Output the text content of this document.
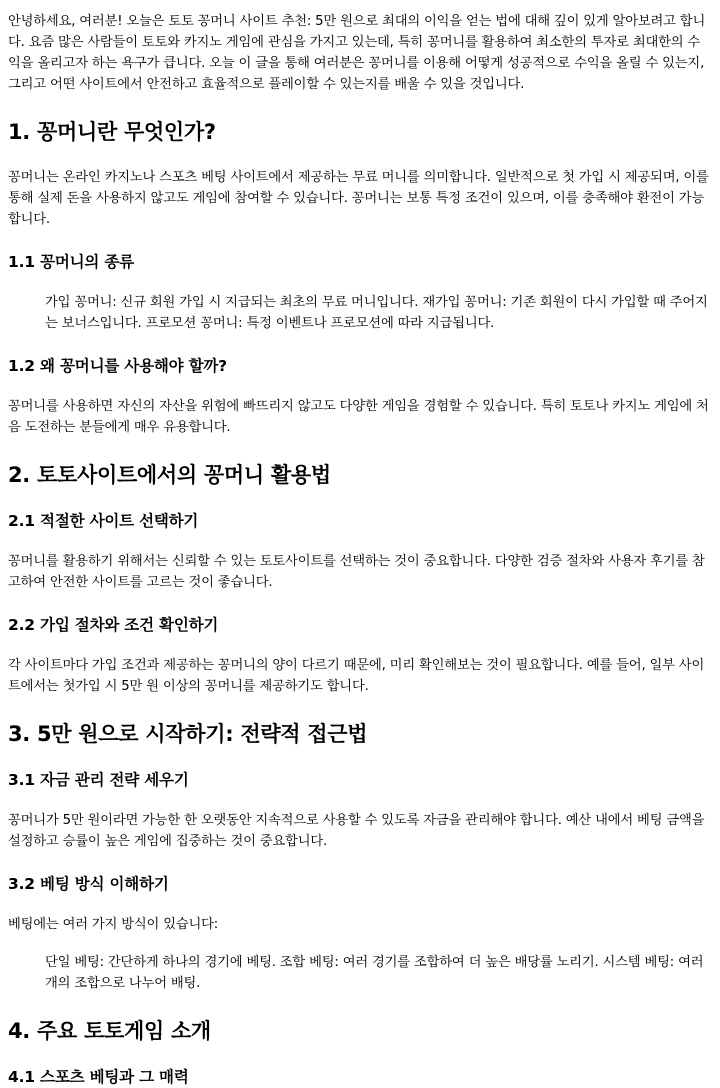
안녕하세요, 여러분! 오늘은 토토 꽁머니 사이트 추천: 5만 원으로 최대의 이익을 얻는 법에 대해 깊이 있게 알아보려고 합니다. 요즘 많은 사람들이 토토와 카지노 게임에 관심을 가지고 있는데, 특히 꽁머니를 활용하여 최소한의 투자로 최대한의 수익을 올리고자 하는 욕구가 큽니다. 오늘 이 글을 통해 여러분은 꽁머니를 이용해 어떻게 성공적으로 수익을 올릴 수 있는지, 그리고 어떤 사이트에서 안전하고 효율적으로 플레이할 수 있는지를 배울 수 있을 것입니다.

1. 꽁머니란 무엇인가?

꽁머니는 온라인 카지노나 스포츠 베팅 사이트에서 제공하는 무료 머니를 의미합니다. 일반적으로 첫 가입 시 제공되며, 이를 통해 실제 돈을 사용하지 않고도 게임에 참여할 수 있습니다. 꽁머니는 보통 특정 조건이 있으며, 이를 충족해야 환전이 가능합니다.

1.1 꽁머니의 종류

가입 꽁머니: 신규 회원 가입 시 지급되는 최초의 무료 머니입니다. 재가입 꽁머니: 기존 회원이 다시 가입할 때 주어지는 보너스입니다. 프로모션 꽁머니: 특정 이벤트나 프로모션에 따라 지급됩니다.

1.2 왜 꽁머니를 사용해야 할까?

꽁머니를 사용하면 자신의 자산을 위험에 빠뜨리지 않고도 다양한 게임을 경험할 수 있습니다. 특히 토토나 카지노 게임에 처음 도전하는 분들에게 매우 유용합니다.

2. 토토사이트에서의 꽁머니 활용법
2.1 적절한 사이트 선택하기

꽁머니를 활용하기 위해서는 신뢰할 수 있는 토토사이트를 선택하는 것이 중요합니다. 다양한 검증 절차와 사용자 후기를 참고하여 안전한 사이트를 고르는 것이 좋습니다.

2.2 가입 절차와 조건 확인하기

각 사이트마다 가입 조건과 제공하는 꽁머니의 양이 다르기 때문에, 미리 확인해보는 것이 필요합니다. 예를 들어, 일부 사이트에서는 첫가입 시 5만 원 이상의 꽁머니를 제공하기도 합니다.

3. 5만 원으로 시작하기: 전략적 접근법
3.1 자금 관리 전략 세우기

꽁머니가 5만 원이라면 가능한 한 오랫동안 지속적으로 사용할 수 있도록 자금을 관리해야 합니다. 예산 내에서 베팅 금액을 설정하고 승률이 높은 게임에 집중하는 것이 중요합니다.

3.2 베팅 방식 이해하기

베팅에는 여러 가지 방식이 있습니다:

단일 베팅: 간단하게 하나의 경기에 베팅. 조합 베팅: 여러 경기를 조합하여 더 높은 배당률 노리기. 시스템 베팅: 여러 개의 조합으로 나누어 배팅.

4. 주요 토토게임 소개
4.1 스포츠 베팅과 그 매력
